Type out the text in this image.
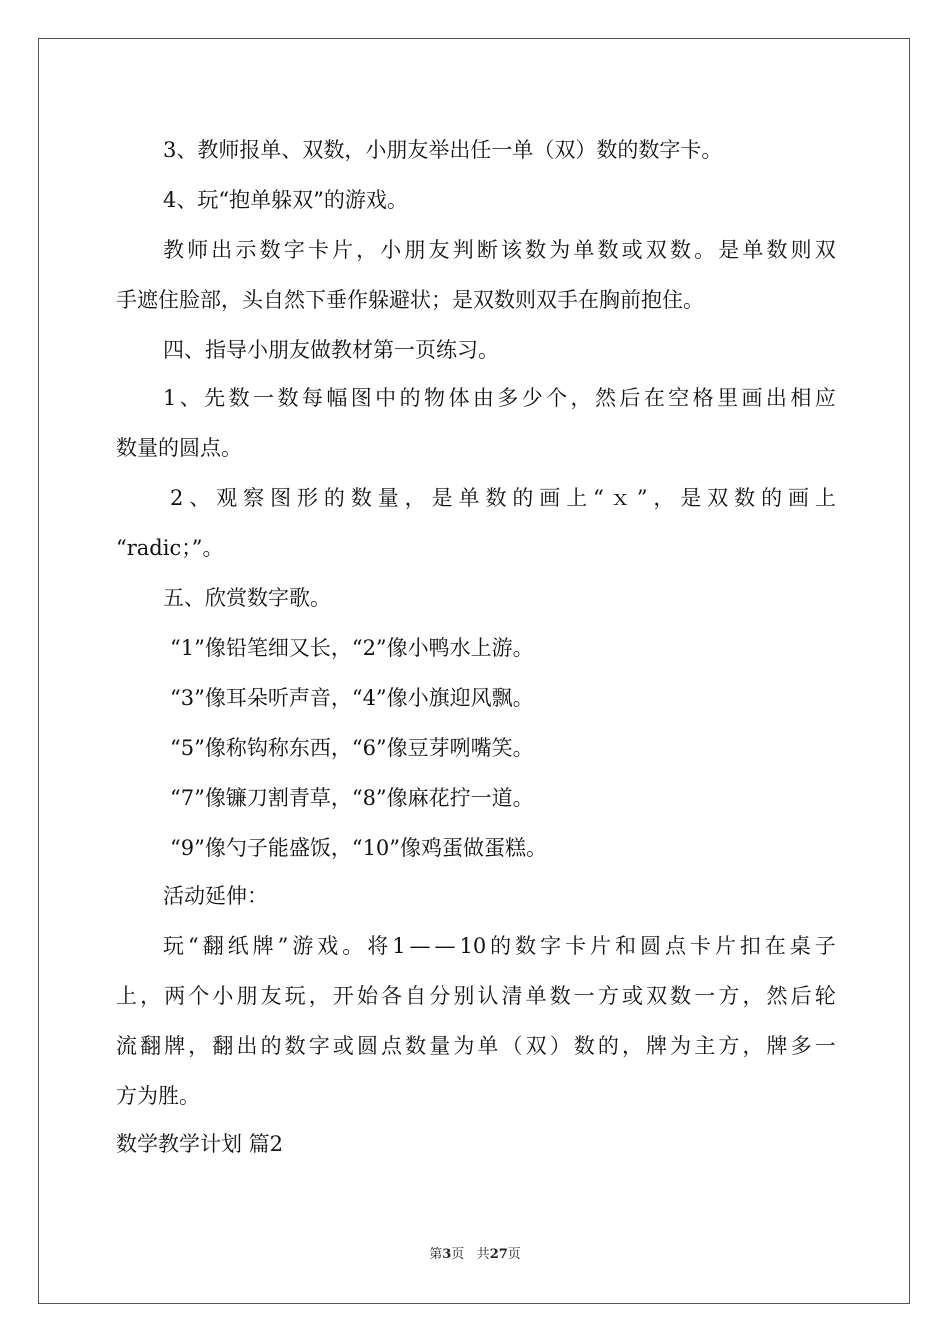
3、教师报单、双数，小朋友举出任一单（双）数的数字卡。
4、玩“抱单躲双”的游戏。
教 师 出 示 数 字 卡 片 ， 小 朋 友 判 断 该 数 为 单 数 或 双 数 。 是 单 数 则 双
手遮住脸部，头自然下垂作躲避状；是双数则双手在胸前抱住。
四、指导小朋友做教材第一页练习。
1 、 先 数 一 数 每 幅 图 中 的 物 体 由 多 少 个 ， 然 后 在 空 格 里 画 出 相 应
数量的圆点。
2 、 观 察 图 形 的 数 量 ， 是 单 数 的 画 上 “ ｘ ” ， 是 双 数 的 画 上
“radic；”。
五、欣赏数字歌。
“1”像铅笔细又长，“2”像小鸭水上游。
“3”像耳朵听声音，“4”像小旗迎风飘。
“5”像称钩称东西，“6”像豆芽咧嘴笑。
“7”像镰刀割青草，“8”像麻花拧一道。
“9”像勺子能盛饭，“10”像鸡蛋做蛋糕。
活动延伸：
玩 “ 翻 纸 牌 ” 游 戏 。 将 1 — — 10 的 数 字 卡 片 和 圆 点 卡 片 扣 在 桌 子
上 ， 两 个 小 朋 友 玩 ， 开 始 各 自 分 别 认 清 单 数 一 方 或 双 数 一 方 ， 然 后 轮
流 翻 牌 ， 翻 出 的 数 字 或 圆 点 数 量 为 单 （ 双 ） 数 的 ， 牌 为 主 方 ， 牌 多 一
方为胜。
数学教学计划 篇2
第3页 共27页
